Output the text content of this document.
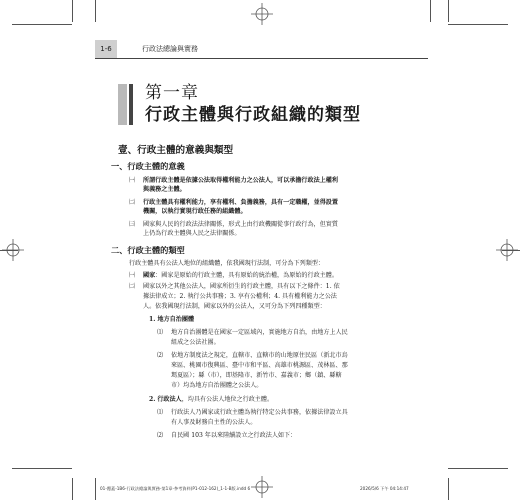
1-6	行政法總論與實務
第一章
行政主體與行政組織的類型
壹、行政主體的意義與類型
一、行政主體的意義
㈠ 所謂行政主體是依據公法取得權利能力之公法人，可以承擔行政法上權利
與義務之主體。
㈡ 行政主體具有權利能力，享有權利、負擔義務，具有一定職權，並得設置
機關，以執行實現行政任務的組織體。
㈢ 國家與人民的行政法法律關係，形式上由行政機關從事行政行為，但實質
上仍為行政主體與人民之法律關係。
二、行政主體的類型
行政主體具有公法人地位的組織體，依我國現行法制，可分為下列類型：
㈠ 國家：國家是原始的行政主體，具有原始的統治權，為原始的行政主體。
㈡ 國家以外之其他公法人，國家所衍生的行政主體，具有以下之條件：1. 依
據法律成立；2. 執行公共事務；3. 享有公權利；4. 具有權利能力之公法
人。依我國現行法制，國家以外的公法人，又可分為下列四種類型：
1. 地方自治團體
⑴ 地方自治團體是在國家一定區域內，實施地方自治，由地方上人民
組成之公法社團。
⑵ 依地方制度法之規定，直轄市、直轄市的山地原住民區（新北市烏
來區、桃園市復興區、臺中市和平區、高雄市桃源區、茂林區、那
瑪夏區）；縣（市），即基隆市、新竹市、嘉義市；鄉（鎮、縣轄
市）均為地方自治團體之公法人。
2. 行政法人，均具有公法人地位之行政主體。
⑴ 行政法人乃國家或行政主體為執行特定公共事務，依據法律設立具
有人事及財務自主性的公法人。
⑵ 自民國 103 年以來陸續設立之行政法人如下：
01-覆蓋-1B6-行政法總論與實務-第1章-參考資料(P1-012-162)_1-1-B版.indd 6	2026/5/6 下午 04:14:47
